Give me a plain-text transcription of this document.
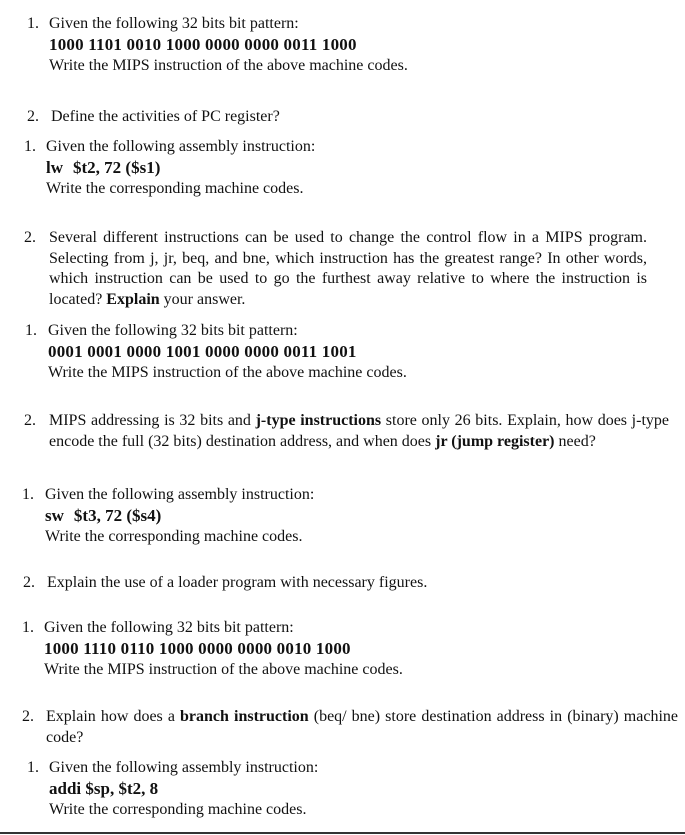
1. Given the following 32 bits bit pattern:
1000 1101 0010 1000 0000 0000 0011 1000
Write the MIPS instruction of the above machine codes.
2. Define the activities of PC register?
1. Given the following assembly instruction:
lw $t2, 72 ($s1)
Write the corresponding machine codes.
2. Several different instructions can be used to change the control flow in a MIPS program. Selecting from j, jr, beq, and bne, which instruction has the greatest range? In other words, which instruction can be used to go the furthest away relative to where the instruction is located? Explain your answer.
1. Given the following 32 bits bit pattern:
0001 0001 0000 1001 0000 0000 0011 1001
Write the MIPS instruction of the above machine codes.
2. MIPS addressing is 32 bits and j-type instructions store only 26 bits. Explain, how does j-type encode the full (32 bits) destination address, and when does jr (jump register) need?
1. Given the following assembly instruction:
sw $t3, 72 ($s4)
Write the corresponding machine codes.
2. Explain the use of a loader program with necessary figures.
1. Given the following 32 bits bit pattern:
1000 1110 0110 1000 0000 0000 0010 1000
Write the MIPS instruction of the above machine codes.
2. Explain how does a branch instruction (beq/ bne) store destination address in (binary) machine code?
1. Given the following assembly instruction:
addi $sp, $t2, 8
Write the corresponding machine codes.
